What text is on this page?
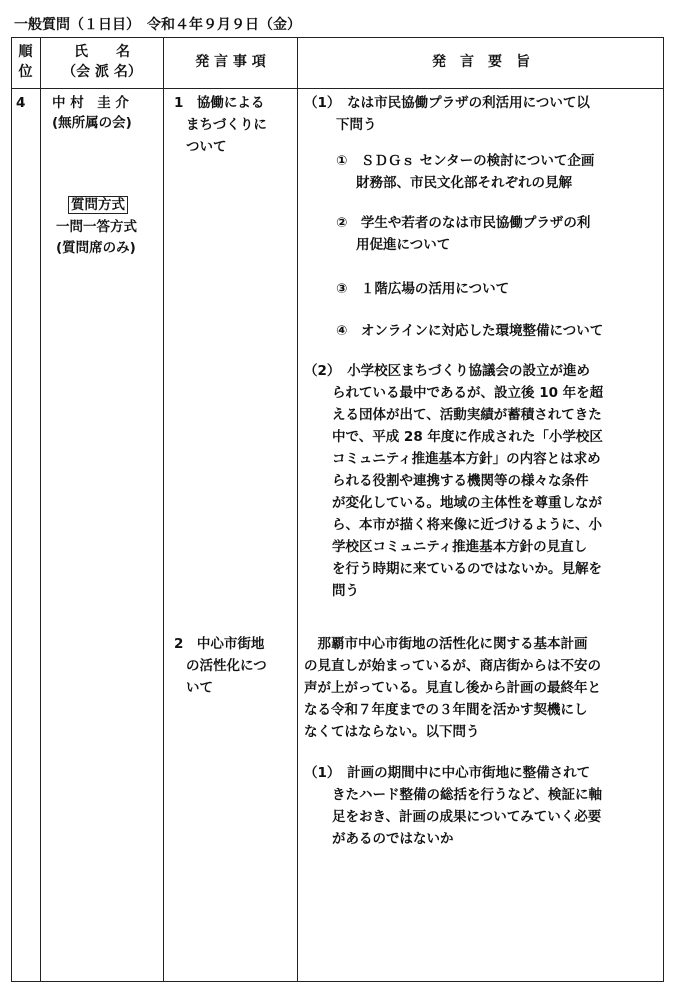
一般質問（１日目）　令和４年９月９日（金）
順
位
氏　　名
（会 派 名）
発 言 事 項	発　言　要　旨
4 中 村　圭 介
(無所属の会)
質問方式
一問一答方式
(質問席のみ)
1　協働による
まちづくりに
ついて
2　中心市街地
の活性化につ
いて
（1）　なは市民協働プラザの利活用について以
下問う
①　ＳＤＧｓ センターの検討について企画
財務部、市民文化部それぞれの見解
②　学生や若者のなは市民協働プラザの利
用促進について
③　１階広場の活用について
④　オンラインに対応した環境整備について
（2）　小学校区まちづくり協議会の設立が進め
られている最中であるが、設立後 10 年を超
える団体が出て、活動実績が蓄積されてきた
中で、平成 28 年度に作成された「小学校区
コミュニティ推進基本方針」の内容とは求め
られる役割や連携する機関等の様々な条件
が変化している。地域の主体性を尊重しなが
ら、本市が描く将来像に近づけるように、小
学校区コミュニティ推進基本方針の見直し
を行う時期に来ているのではないか。見解を
問う
　那覇市中心市街地の活性化に関する基本計画
の見直しが始まっているが、商店街からは不安の
声が上がっている。見直し後から計画の最終年と
なる令和７年度までの３年間を活かす契機にし
なくてはならない。以下問う
（1）　計画の期間中に中心市街地に整備されて
きたハード整備の総括を行うなど、検証に軸
足をおき、計画の成果についてみていく必要
があるのではないか
